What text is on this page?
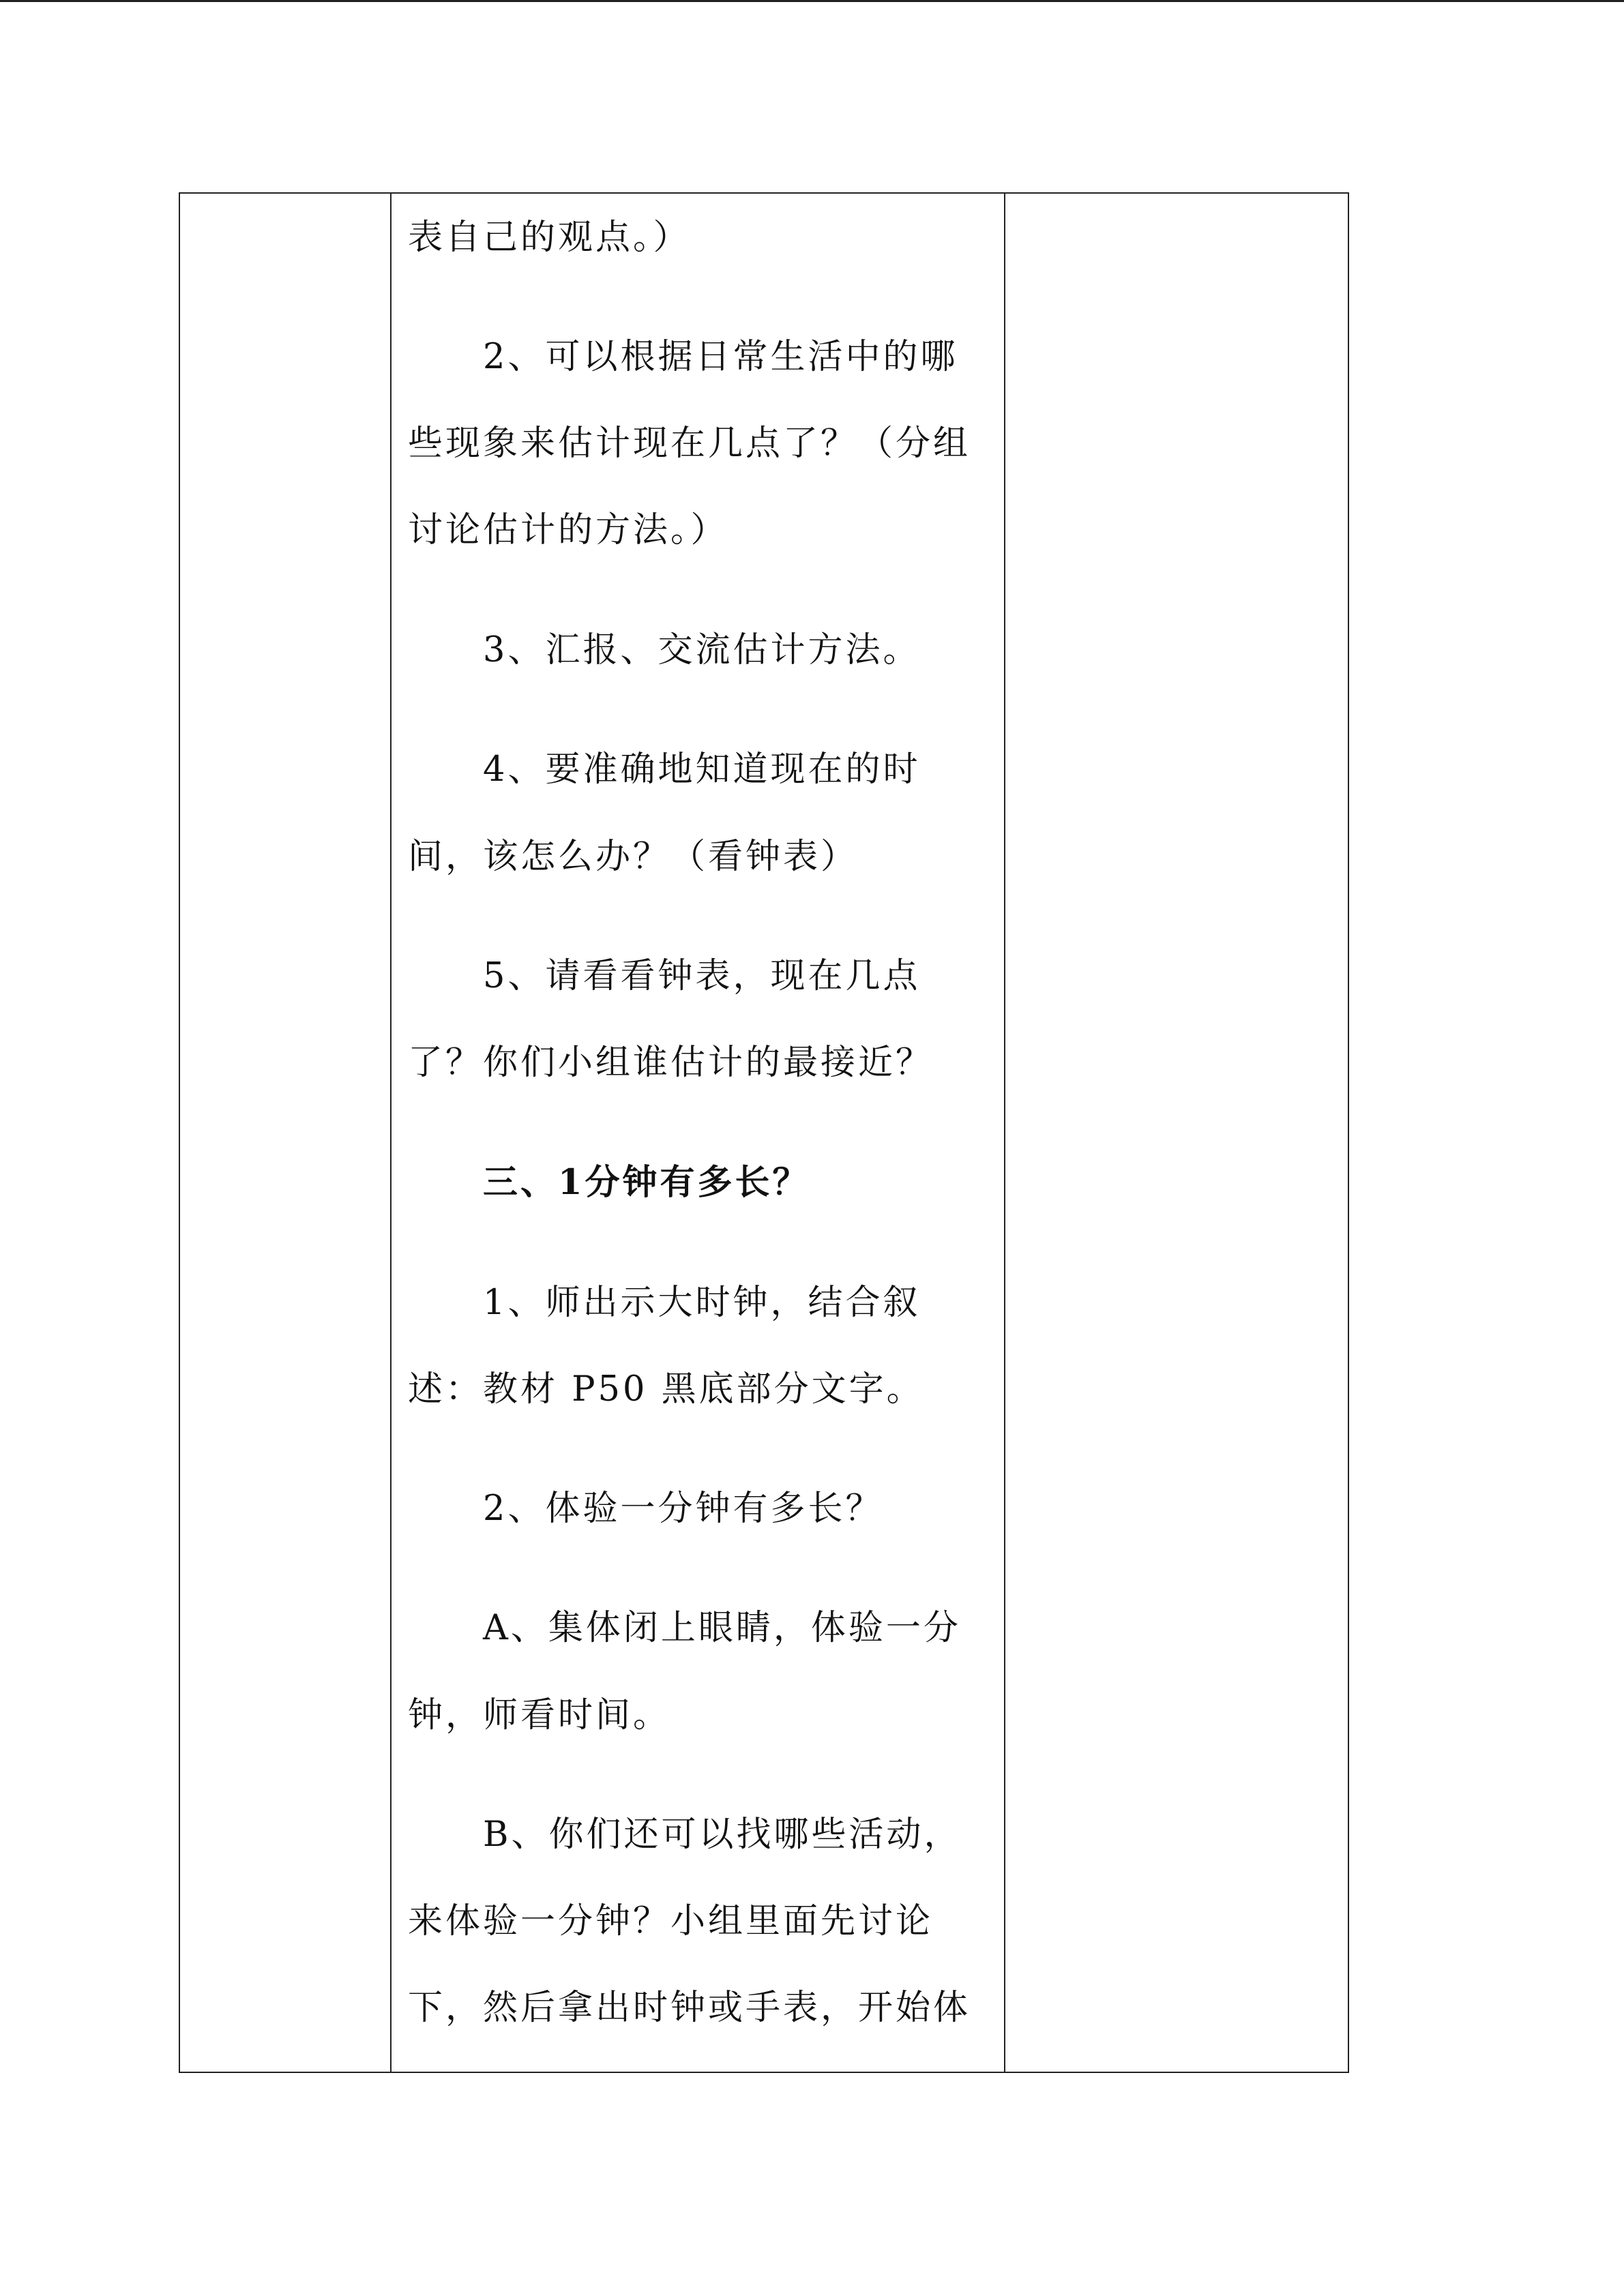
表自己的观点。）
2、可以根据日常生活中的哪
些现象来估计现在几点了？（分组
讨论估计的方法。）
3、汇报、交流估计方法。
4、要准确地知道现在的时
间，该怎么办？（看钟表）
5、请看看钟表，现在几点
了？你们小组谁估计的最接近？
三、1分钟有多长？
1、师出示大时钟，结合叙
述：教材 P50 黑底部分文字。
2、体验一分钟有多长？
A、集体闭上眼睛，体验一分
钟，师看时间。
B、你们还可以找哪些活动，
来体验一分钟？小组里面先讨论
下，然后拿出时钟或手表，开始体
